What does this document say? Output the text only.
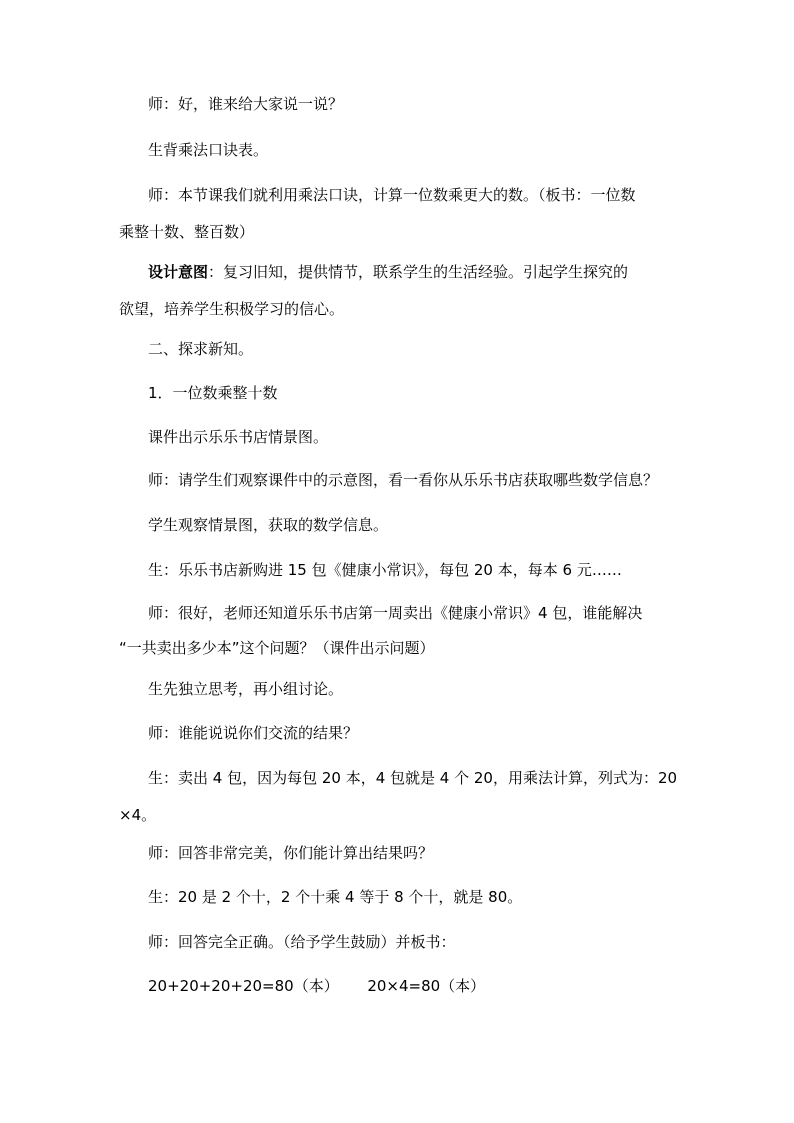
师：好，谁来给大家说一说？
生背乘法口诀表。
师：本节课我们就利用乘法口诀，计算一位数乘更大的数。（板书：一位数
乘整十数、整百数）
设计意图：复习旧知，提供情节，联系学生的生活经验。引起学生探究的
欲望，培养学生积极学习的信心。
二、探求新知。
1．一位数乘整十数
课件出示乐乐书店情景图。
师：请学生们观察课件中的示意图，看一看你从乐乐书店获取哪些数学信息？
学生观察情景图，获取的数学信息。
生：乐乐书店新购进 15 包《健康小常识》，每包 20 本，每本 6 元……
师：很好，老师还知道乐乐书店第一周卖出《健康小常识》4 包，谁能解决
“一共卖出多少本”这个问题？（课件出示问题）
生先独立思考，再小组讨论。
师：谁能说说你们交流的结果？
生：卖出 4 包，因为每包 20 本，4 包就是 4 个 20，用乘法计算，列式为：20
×4。
师：回答非常完美，你们能计算出结果吗？
生：20 是 2 个十，2 个十乘 4 等于 8 个十，就是 80。
师：回答完全正确。（给予学生鼓励）并板书：
20+20+20+20=80（本）      20×4=80（本）
